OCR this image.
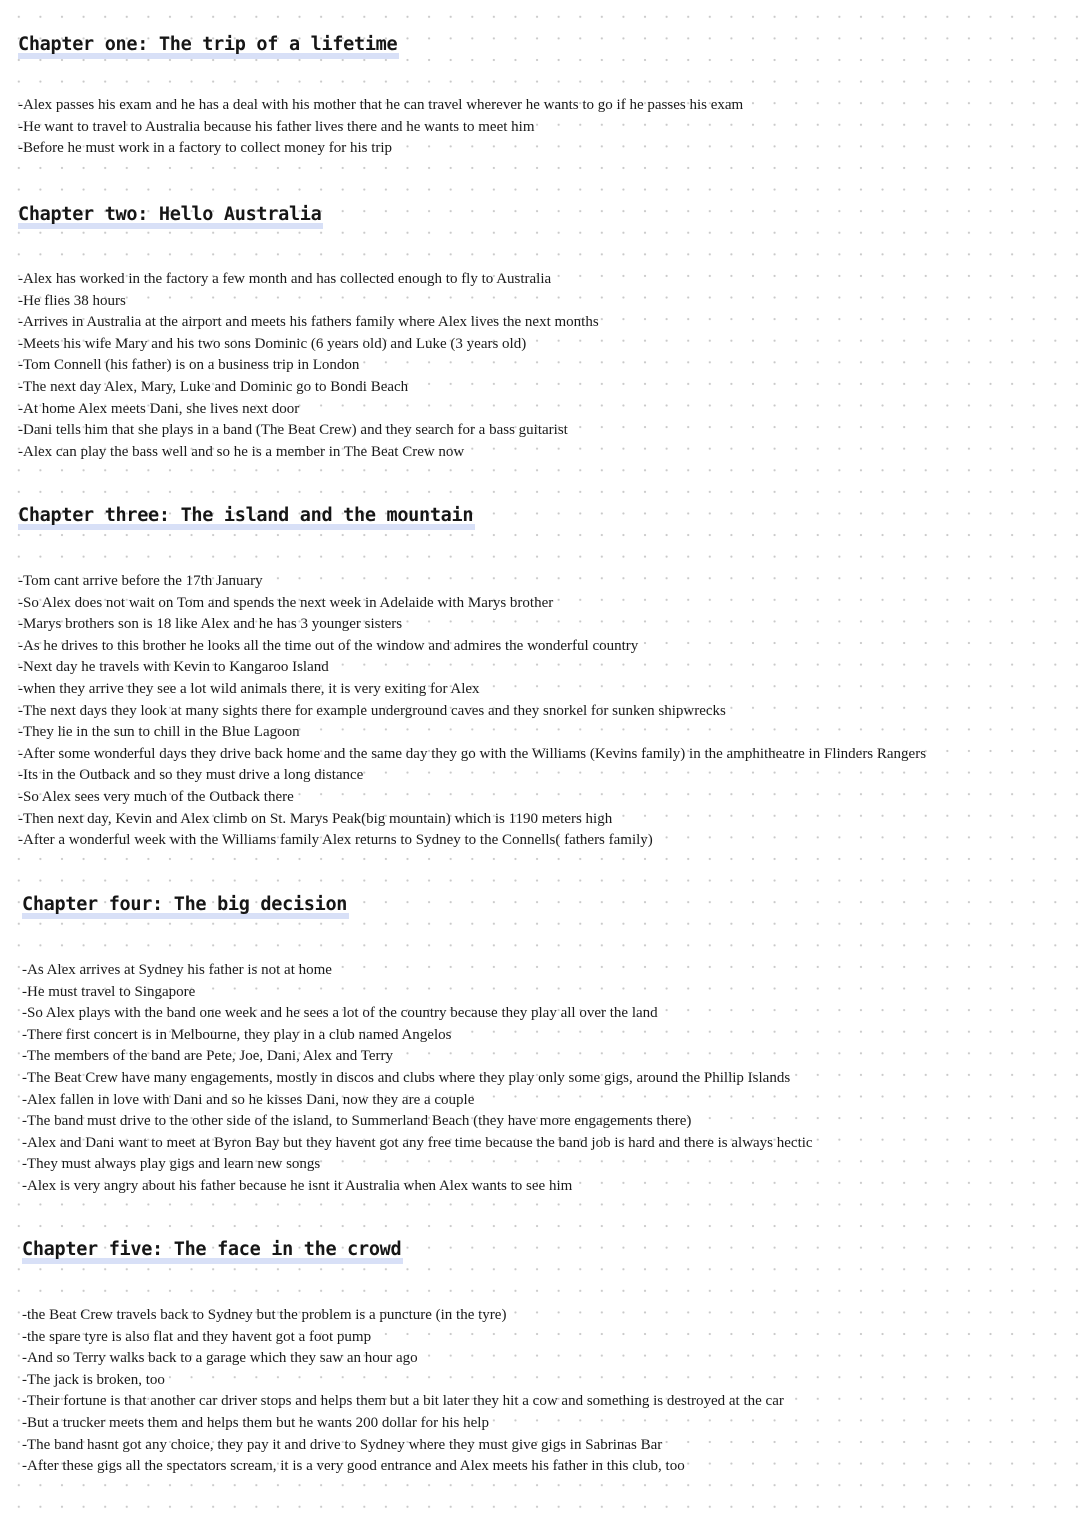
Chapter one: The trip of a lifetime
-Alex passes his exam and he has a deal with his mother that he can travel wherever he wants to go if he passes his exam
-He want to travel to Australia because his father lives there and he wants to meet him
-Before he must work in a factory to collect money for his trip
Chapter two: Hello Australia
-Alex has worked in the factory a few month and has collected enough to fly to Australia
-He flies 38 hours
-Arrives in Australia at the airport and meets his fathers family where Alex lives the next months
-Meets his wife Mary and his two sons Dominic (6 years old) and Luke (3 years old)
-Tom Connell (his father) is on a business trip in London
-The next day Alex, Mary, Luke and Dominic go to Bondi Beach
-At home Alex meets Dani, she lives next door
-Dani tells him that she plays in a band (The Beat Crew) and they search for a bass guitarist
-Alex can play the bass well and so he is a member in The Beat Crew now
Chapter three: The island and the mountain
-Tom cant arrive before the 17th January
-So Alex does not wait on Tom and spends the next week in Adelaide with Marys brother
-Marys brothers son is 18 like Alex and he has 3 younger sisters
-As he drives to this brother he looks all the time out of the window and admires the wonderful country
-Next day he travels with Kevin to Kangaroo Island
-when they arrive they see a lot wild animals there, it is very exiting for Alex
-The next days they look at many sights there for example underground caves and they snorkel for sunken shipwrecks
-They lie in the sun to chill in the Blue Lagoon
-After some wonderful days they drive back home and the same day they go with the Williams (Kevins family) in the amphitheatre in Flinders Rangers
-Its in the Outback and so they must drive a long distance
-So Alex sees very much of the Outback there
-Then next day, Kevin and Alex climb on St. Marys Peak(big mountain) which is 1190 meters high
-After a wonderful week with the Williams family Alex returns to Sydney to the Connells( fathers family)
Chapter four: The big decision
-As Alex arrives at Sydney his father is not at home
-He must travel to Singapore
-So Alex plays with the band one week and he sees a lot of the country because they play all over the land
-There first concert is in Melbourne, they play in a club named Angelos
-The members of the band are Pete, Joe, Dani, Alex and Terry
-The Beat Crew have many engagements, mostly in discos and clubs where they play only some gigs, around the Phillip Islands
-Alex fallen in love with Dani and so he kisses Dani, now they are a couple
-The band must drive to the other side of the island, to Summerland Beach (they have more engagements there)
-Alex and Dani want to meet at Byron Bay but they havent got any free time because the band job is hard and there is always hectic
-They must always play gigs and learn new songs
-Alex is very angry about his father because he isnt it Australia when Alex wants to see him
Chapter five: The face in the crowd
-the Beat Crew travels back to Sydney but the problem is a puncture (in the tyre)
-the spare tyre is also flat and they havent got a foot pump
-And so Terry walks back to a garage which they saw an hour ago
-The jack is broken, too
-Their fortune is that another car driver stops and helps them but a bit later they hit a cow and something is destroyed at the car
-But a trucker meets them and helps them but he wants 200 dollar for his help
-The band hasnt got any choice, they pay it and drive to Sydney where they must give gigs in Sabrinas Bar
-After these gigs all the spectators scream, it is a very good entrance and Alex meets his father in this club, too
